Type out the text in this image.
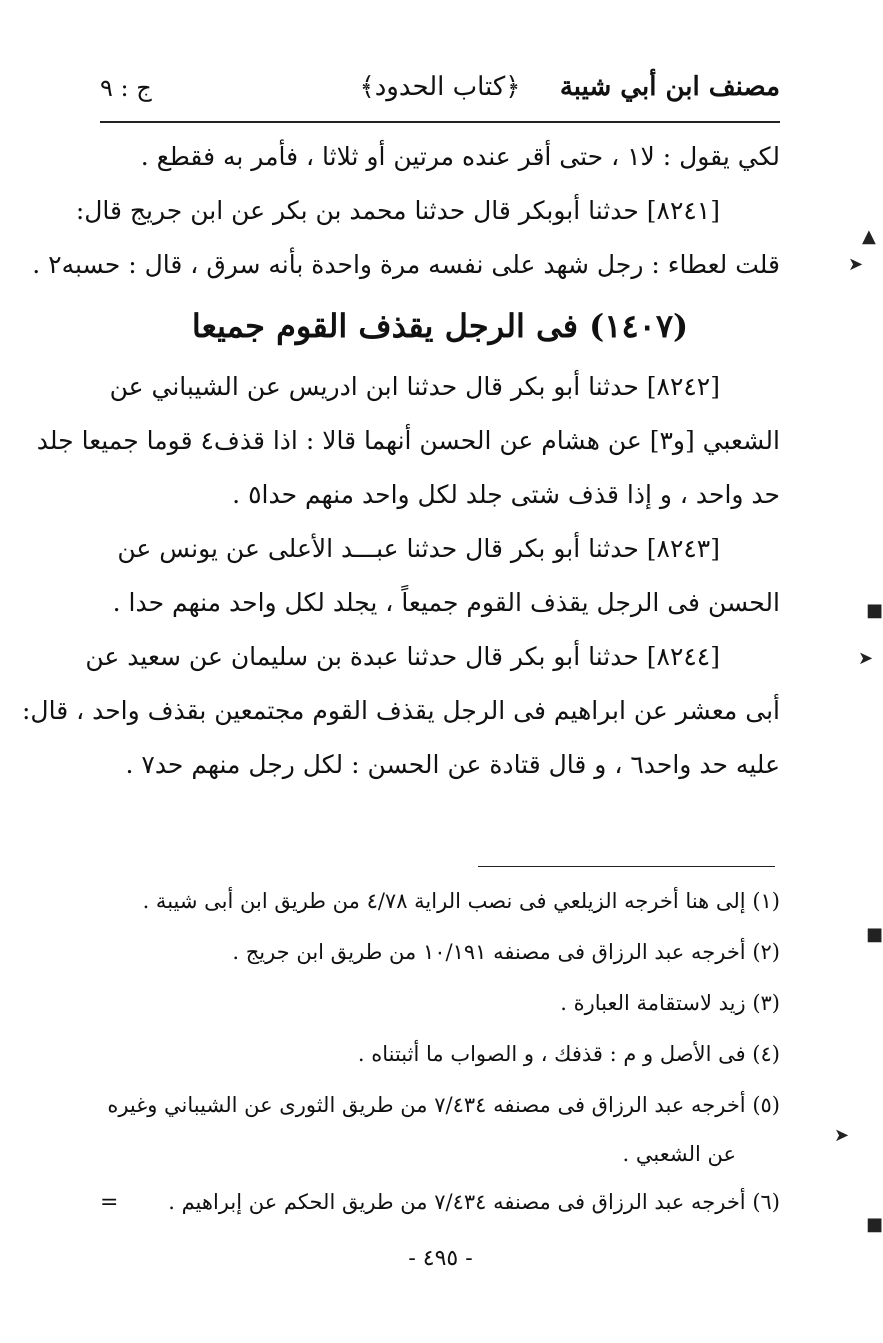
ج : ٩	﴿كتاب الحدود﴾	مصنف ابن أبي شيبة

لكي يقول : لا١ ، حتى أقر عنده مرتين أو ثلاثا ، فأمر به فقطع .

[٨٢٤١] حدثنا أبوبكر قال حدثنا محمد بن بكر عن ابن جريج قال:

قلت لعطاء : رجل شهد على نفسه مرة واحدة بأنه سرق ، قال : حسبه٢ .

(١٤٠٧) فى الرجل يقذف القوم جميعا

[٨٢٤٢] حدثنا أبو بكر قال حدثنا ابن ادريس عن الشيباني عن

الشعبي [و٣] عن هشام عن الحسن أنهما قالا : اذا قذف٤ قوما جميعا جلد

حد واحد ، و إذا قذف شتى جلد لكل واحد منهم حدا٥ .

[٨٢٤٣] حدثنا أبو بكر قال حدثنا عبـــد الأعلى عن يونس عن

الحسن فى الرجل يقذف القوم جميعاً ، يجلد لكل واحد منهم حدا .

[٨٢٤٤] حدثنا أبو بكر قال حدثنا عبدة بن سليمان عن سعيد عن

أبى معشر عن ابراهيم فى الرجل يقذف القوم مجتمعين بقذف واحد ، قال:

عليه حد واحد٦ ، و قال قتادة عن الحسن : لكل رجل منهم حد٧ .

(١) إلى هنا أخرجه الزيلعي فى نصب الراية ٤/٧٨ من طريق ابن أبى شيبة .

(٢) أخرجه عبد الرزاق فى مصنفه ١٠/١٩١ من طريق ابن جريج .

(٣) زيد لاستقامة العبارة .

(٤) فى الأصل و م : قذفك ، و الصواب ما أثبتناه .

(٥) أخرجه عبد الرزاق فى مصنفه ٧/٤٣٤ من طريق الثورى عن الشيباني وغيره

عن الشعبي .

(٦) أخرجه عبد الرزاق فى مصنفه ٧/٤٣٤ من طريق الحكم عن إبراهيم .
=

- ٤٩٥ -
▲
➤
■
➤
■
➤
■
